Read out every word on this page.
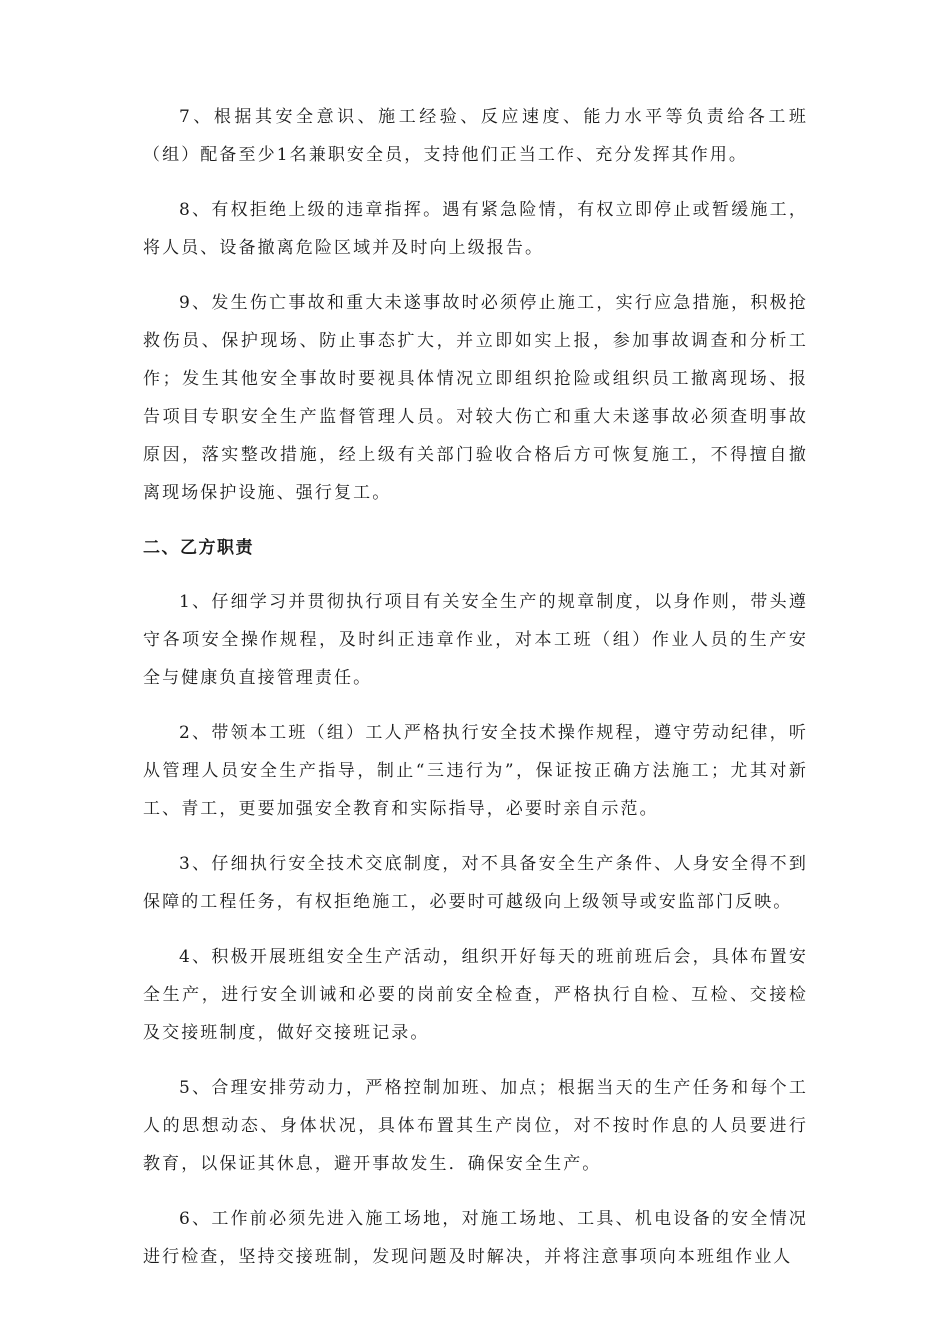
7、根据其安全意识、施工经验、反应速度、能力水平等负责给各工班（组）配备至少1名兼职安全员，支持他们正当工作、充分发挥其作用。

8、有权拒绝上级的违章指挥。遇有紧急险情，有权立即停止或暂缓施工，将人员、设备撤离危险区域并及时向上级报告。

9、发生伤亡事故和重大未遂事故时必须停止施工，实行应急措施，积极抢救伤员、保护现场、防止事态扩大，并立即如实上报，参加事故调查和分析工作；发生其他安全事故时要视具体情况立即组织抢险或组织员工撤离现场、报告项目专职安全生产监督管理人员。对较大伤亡和重大未遂事故必须查明事故原因，落实整改措施，经上级有关部门验收合格后方可恢复施工，不得擅自撤离现场保护设施、强行复工。

二、乙方职责

1、仔细学习并贯彻执行项目有关安全生产的规章制度，以身作则，带头遵守各项安全操作规程，及时纠正违章作业，对本工班（组）作业人员的生产安全与健康负直接管理责任。

2、带领本工班（组）工人严格执行安全技术操作规程，遵守劳动纪律，听从管理人员安全生产指导，制止“三违行为”，保证按正确方法施工；尤其对新工、青工，更要加强安全教育和实际指导，必要时亲自示范。

3、仔细执行安全技术交底制度，对不具备安全生产条件、人身安全得不到保障的工程任务，有权拒绝施工，必要时可越级向上级领导或安监部门反映。

4、积极开展班组安全生产活动，组织开好每天的班前班后会，具体布置安全生产，进行安全训诫和必要的岗前安全检查，严格执行自检、互检、交接检及交接班制度，做好交接班记录。

5、合理安排劳动力，严格控制加班、加点；根据当天的生产任务和每个工人的思想动态、身体状况，具体布置其生产岗位，对不按时作息的人员要进行教育，以保证其休息，避开事故发生．确保安全生产。

6、工作前必须先进入施工场地，对施工场地、工具、机电设备的安全情况进行检查，坚持交接班制，发现问题及时解决，并将注意事项向本班组作业人
